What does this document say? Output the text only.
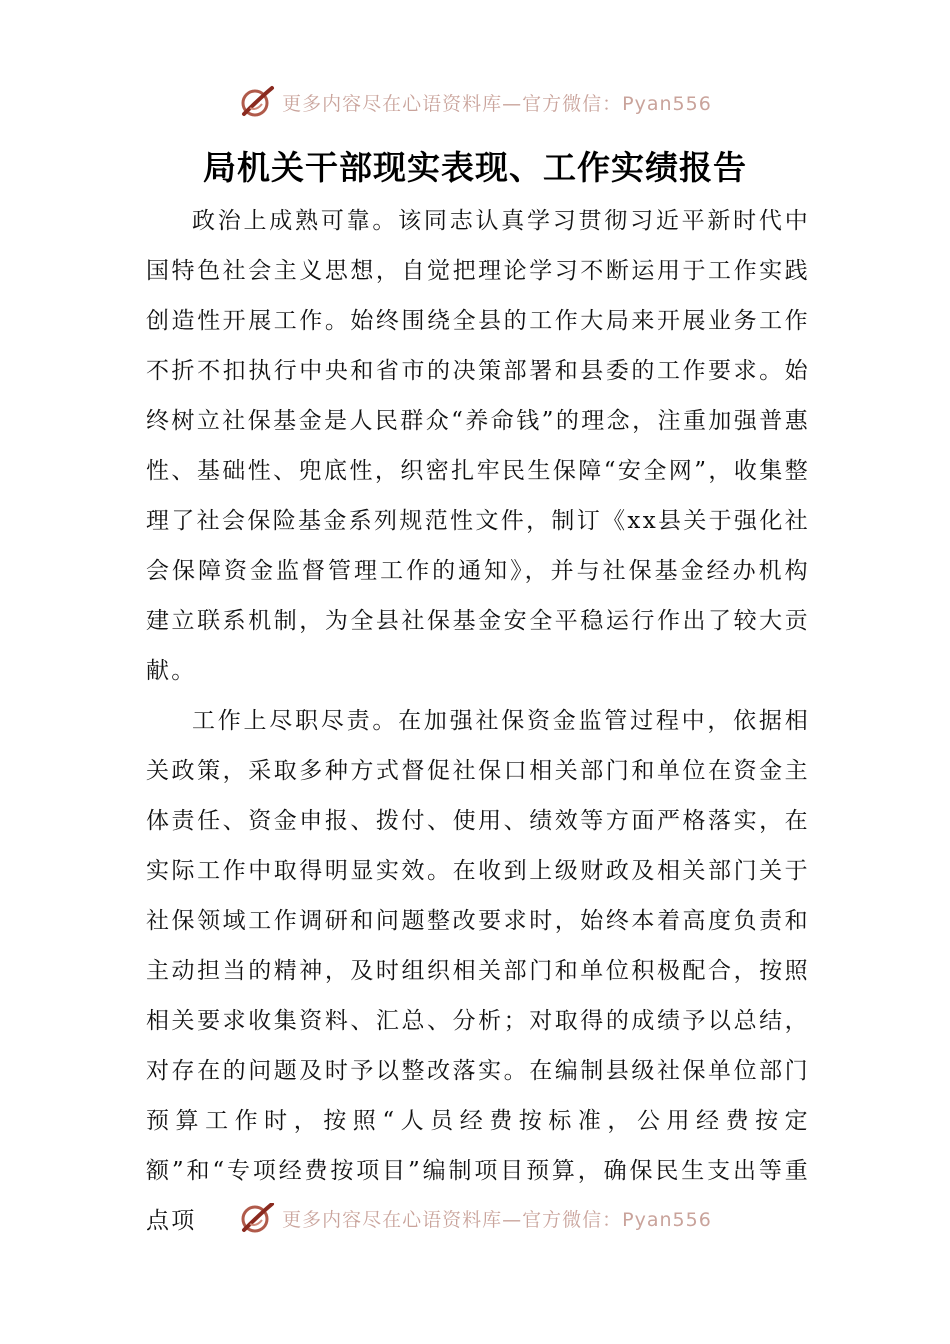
更多内容尽在心语资料库—官方微信：Pyan556
局机关干部现实表现、工作实绩报告

政治上成熟可靠。该同志认真学习贯彻习近平新时代中国特色社会主义思想，自觉把理论学习不断运用于工作实践创造性开展工作。始终围绕全县的工作大局来开展业务工作不折不扣执行中央和省市的决策部署和县委的工作要求。始终树立社保基金是人民群众“养命钱”的理念，注重加强普惠性、基础性、兜底性，织密扎牢民生保障“安全网”，收集整理了社会保险基金系列规范性文件，制订《xx县关于强化社会保障资金监督管理工作的通知》，并与社保基金经办机构建立联系机制，为全县社保基金安全平稳运行作出了较大贡献。

工作上尽职尽责。在加强社保资金监管过程中，依据相关政策，采取多种方式督促社保口相关部门和单位在资金主体责任、资金申报、拨付、使用、绩效等方面严格落实，在实际工作中取得明显实效。在收到上级财政及相关部门关于社保领域工作调研和问题整改要求时，始终本着高度负责和主动担当的精神，及时组织相关部门和单位积极配合，按照相关要求收集资料、汇总、分析；对取得的成绩予以总结，对存在的问题及时予以整改落实。在编制县级社保单位部门预算工作时，按照“人员经费按标准，公用经费按定额”和“专项经费按项目”编制项目预算，确保民生支出等重点项	更多内容尽在心语资料库—官方微信：Pyan556
